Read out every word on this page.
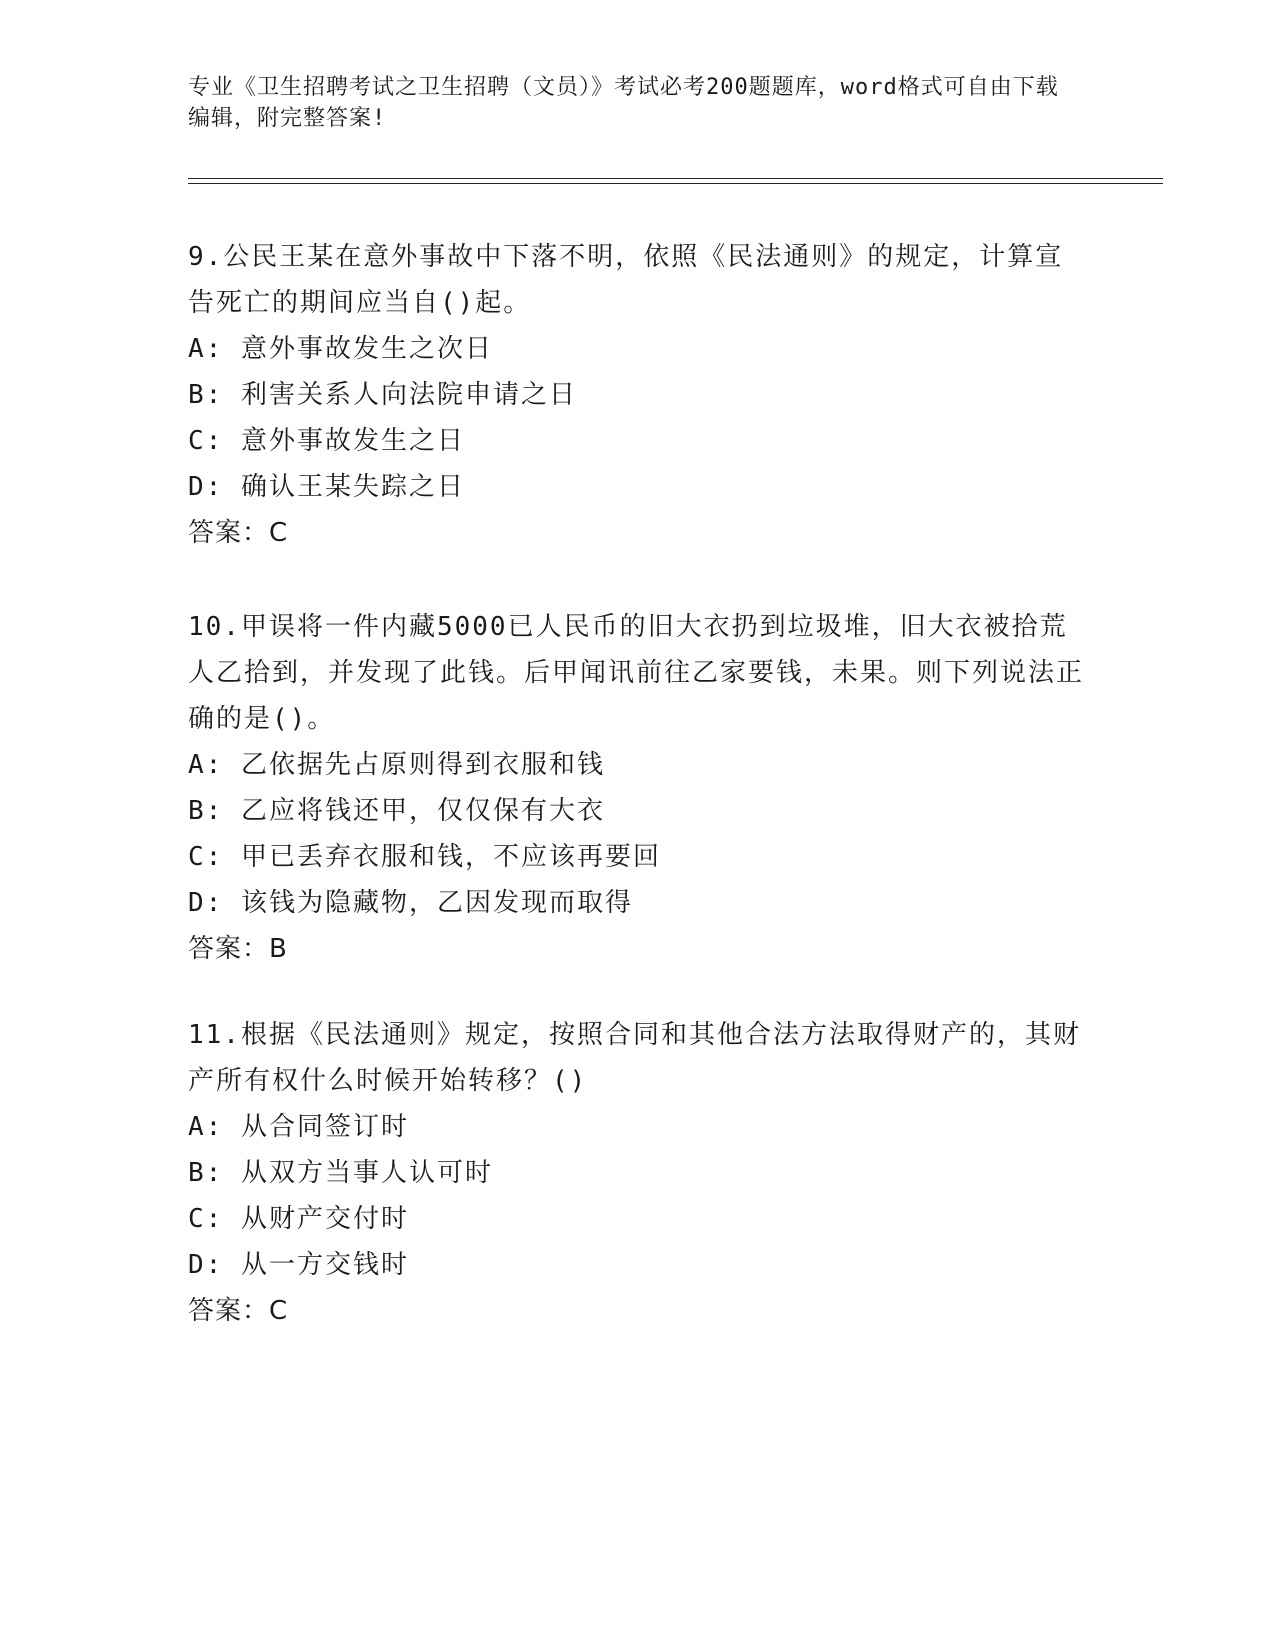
专业《卫生招聘考试之卫生招聘（文员）》考试必考200题题库，word格式可自由下载编辑，附完整答案!

9.公民王某在意外事故中下落不明，依照《民法通则》的规定，计算宣告死亡的期间应当自()起。

A: 意外事故发生之次日

B: 利害关系人向法院申请之日

C: 意外事故发生之日

D: 确认王某失踪之日

答案：C

10.甲误将一件内藏5000已人民币的旧大衣扔到垃圾堆，旧大衣被拾荒人乙拾到，并发现了此钱。后甲闻讯前往乙家要钱，未果。则下列说法正确的是()。

A: 乙依据先占原则得到衣服和钱

B: 乙应将钱还甲，仅仅保有大衣

C: 甲已丢弃衣服和钱，不应该再要回

D: 该钱为隐藏物，乙因发现而取得

答案：B

11.根据《民法通则》规定，按照合同和其他合法方法取得财产的，其财产所有权什么时候开始转移？()

A: 从合同签订时

B: 从双方当事人认可时

C: 从财产交付时

D: 从一方交钱时

答案：C
